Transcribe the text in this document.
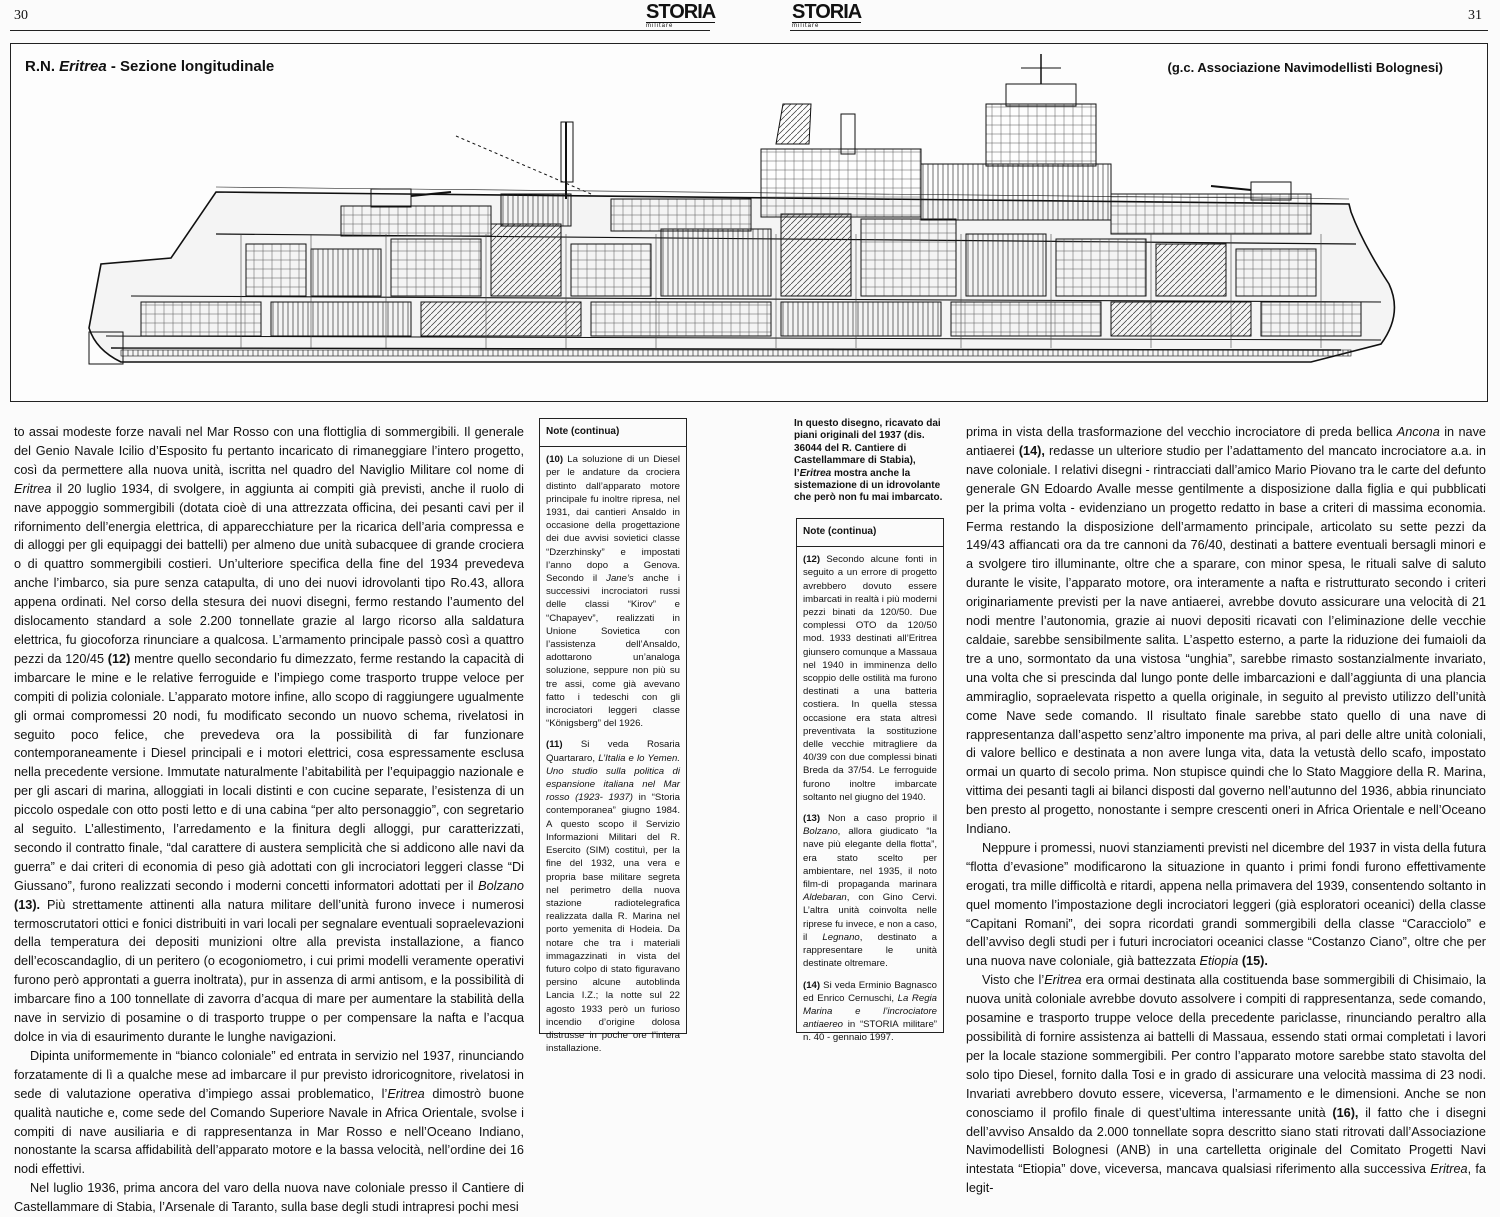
30	STORIA
militare
STORIA
militare
31
R.N. Eritrea - Sezione longitudinale	(g.c. Associazione Navimodellisti Bolognesi)

to assai modeste forze navali nel Mar Rosso con una flottiglia di sommergibili. Il generale del Genio Navale Icilio d’Esposito fu pertanto incaricato di rimaneggiare l’intero progetto, così da permettere alla nuova unità, iscritta nel quadro del Naviglio Militare col nome di Eritrea il 20 luglio 1934, di svolgere, in aggiunta ai compiti già previsti, anche il ruolo di nave appoggio sommergibili (dotata cioè di una attrezzata officina, dei pesanti cavi per il rifornimento dell’energia elettrica, di apparecchiature per la ricarica dell’aria compressa e di alloggi per gli equipaggi dei battelli) per almeno due unità subacquee di grande crociera o di quattro sommergibili costieri. Un’ulteriore specifica della fine del 1934 prevedeva anche l’imbarco, sia pure senza catapulta, di uno dei nuovi idrovolanti tipo Ro.43, allora appena ordinati. Nel corso della stesura dei nuovi disegni, fermo restando l’aumento del dislocamento standard a sole 2.200 tonnellate grazie al largo ricorso alla saldatura elettrica, fu giocoforza rinunciare a qualcosa. L’armamento principale passò così a quattro pezzi da 120/45 (12) mentre quello secondario fu dimezzato, ferme restando la capacità di imbarcare le mine e le relative ferroguide e l’impiego come trasporto truppe veloce per compiti di polizia coloniale. L’apparato motore infine, allo scopo di raggiungere ugualmente gli ormai compromessi 20 nodi, fu modificato secondo un nuovo schema, rivelatosi in seguito poco felice, che prevedeva ora la possibilità di far funzionare contemporaneamente i Diesel principali e i motori elettrici, cosa espressamente esclusa nella precedente versione. Immutate naturalmente l’abitabilità per l’equipaggio nazionale e per gli ascari di marina, alloggiati in locali distinti e con cucine separate, l’esistenza di un piccolo ospedale con otto posti letto e di una cabina “per alto personaggio”, con segretario al seguito. L’allestimento, l’arredamento e la finitura degli alloggi, pur caratterizzati, secondo il contratto finale, “dal carattere di austera semplicità che si addicono alle navi da guerra” e dai criteri di economia di peso già adottati con gli incrociatori leggeri classe “Di Giussano”, furono realizzati secondo i moderni concetti informatori adottati per il Bolzano (13). Più strettamente attinenti alla natura militare dell’unità furono invece i numerosi termoscrutatori ottici e fonici distribuiti in vari locali per segnalare eventuali sopraelevazioni della temperatura dei depositi munizioni oltre alla prevista installazione, a fianco dell’ecoscandaglio, di un peritero (o ecogoniometro, i cui primi modelli veramente operativi furono però approntati a guerra inoltrata), pur in assenza di armi antisom, e la possibilità di imbarcare fino a 100 tonnellate di zavorra d’acqua di mare per aumentare la stabilità della nave in servizio di posamine o di trasporto truppe o per compensare la nafta e l’acqua dolce in via di esaurimento durante le lunghe navigazioni.

Dipinta uniformemente in “bianco coloniale” ed entrata in servizio nel 1937, rinunciando forzatamente di lì a qualche mese ad imbarcare il pur previsto idroricognitore, rivelatosi in sede di valutazione operativa d’impiego assai problematico, l’Eritrea dimostrò buone qualità nautiche e, come sede del Comando Superiore Navale in Africa Orientale, svolse i compiti di nave ausiliaria e di rappresentanza in Mar Rosso e nell’Oceano Indiano, nonostante la scarsa affidabilità dell’apparato motore e la bassa velocità, nell’ordine dei 16 nodi effettivi.

Nel luglio 1936, prima ancora del varo della nuova nave coloniale presso il Cantiere di Castellammare di Stabia, l’Arsenale di Taranto, sulla base degli studi intrapresi pochi mesi

Note (continua)

(10) La soluzione di un Diesel per le andature da crociera distinto dall’apparato motore principale fu inoltre ripresa, nel 1931, dai cantieri Ansaldo in occasione della progettazione dei due avvisi sovietici classe “Dzerzhinsky” e impostati l’anno dopo a Genova. Secondo il Jane’s anche i successivi incrociatori russi delle classi “Kirov” e “Chapayev”, realizzati in Unione Sovietica con l’assistenza dell’Ansaldo, adottarono un’analoga soluzione, seppure non più su tre assi, come già avevano fatto i tedeschi con gli incrociatori leggeri classe “Königsberg” del 1926.

(11) Si veda Rosaria Quartararo, L’Italia e lo Yemen. Uno studio sulla politica di espansione italiana nel Mar rosso (1923- 1937) in “Storia contemporanea” giugno 1984. A questo scopo il Servizio Informazioni Militari del R. Esercito (SIM) costituì, per la fine del 1932, una vera e propria base militare segreta nel perimetro della nuova stazione radiotelegrafica realizzata dalla R. Marina nel porto yemenita di Hodeia. Da notare che tra i materiali immagazzinati in vista del futuro colpo di stato figuravano persino alcune autoblinda Lancia I.Z.; la notte sul 22 agosto 1933 però un furioso incendio d’origine dolosa distrusse in poche ore l’intera installazione.

In questo disegno, ricavato dai piani originali del 1937 (dis. 36044 del R. Cantiere di Castellammare di Stabia), l’Eritrea mostra anche la sistemazione di un idrovolante che però non fu mai imbarcato.
Note (continua)

(12) Secondo alcune fonti in seguito a un errore di progetto avrebbero dovuto essere imbarcati in realtà i più moderni pezzi binati da 120/50. Due complessi OTO da 120/50 mod. 1933 destinati all’Eritrea giunsero comunque a Massaua nel 1940 in imminenza dello scoppio delle ostilità ma furono destinati a una batteria costiera. In quella stessa occasione era stata altresì preventivata la sostituzione delle vecchie mitragliere da 40/39 con due complessi binati Breda da 37/54. Le ferroguide furono inoltre imbarcate soltanto nel giugno del 1940.

(13) Non a caso proprio il Bolzano, allora giudicato “la nave più elegante della flotta”, era stato scelto per ambientare, nel 1935, il noto film-di propaganda marinara Aldebaran, con Gino Cervi. L’altra unità coinvolta nelle riprese fu invece, e non a caso, il Legnano, destinato a rappresentare le unità destinate oltremare.

(14) Si veda Erminio Bagnasco ed Enrico Cernuschi, La Regia Marina e l’incrociatore antiaereo in “STORIA militare” n. 40 - gennaio 1997.

prima in vista della trasformazione del vecchio incrociatore di preda bellica Ancona in nave antiaerei (14), redasse un ulteriore studio per l’adattamento del mancato incrociatore a.a. in nave coloniale. I relativi disegni - rintracciati dall’amico Mario Piovano tra le carte del defunto generale GN Edoardo Avalle messe gentilmente a disposizione dalla figlia e qui pubblicati per la prima volta - evidenziano un progetto redatto in base a criteri di massima economia. Ferma restando la disposizione dell’armamento principale, articolato su sette pezzi da 149/43 affiancati ora da tre cannoni da 76/40, destinati a battere eventuali bersagli minori e a svolgere tiro illuminante, oltre che a sparare, con minor spesa, le rituali salve di saluto durante le visite, l’apparato motore, ora interamente a nafta e ristrutturato secondo i criteri originariamente previsti per la nave antiaerei, avrebbe dovuto assicurare una velocità di 21 nodi mentre l’autonomia, grazie ai nuovi depositi ricavati con l’eliminazione delle vecchie caldaie, sarebbe sensibilmente salita. L’aspetto esterno, a parte la riduzione dei fumaioli da tre a uno, sormontato da una vistosa “unghia”, sarebbe rimasto sostanzialmente invariato, una volta che si prescinda dal lungo ponte delle imbarcazioni e dall’aggiunta di una plancia ammiraglio, sopraelevata rispetto a quella originale, in seguito al previsto utilizzo dell’unità come Nave sede comando. Il risultato finale sarebbe stato quello di una nave di rappresentanza dall’aspetto senz’altro imponente ma priva, al pari delle altre unità coloniali, di valore bellico e destinata a non avere lunga vita, data la vetustà dello scafo, impostato ormai un quarto di secolo prima. Non stupisce quindi che lo Stato Maggiore della R. Marina, vittima dei pesanti tagli ai bilanci disposti dal governo nell’autunno del 1936, abbia rinunciato ben presto al progetto, nonostante i sempre crescenti oneri in Africa Orientale e nell’Oceano Indiano.

Neppure i promessi, nuovi stanziamenti previsti nel dicembre del 1937 in vista della futura “flotta d’evasione” modificarono la situazione in quanto i primi fondi furono effettivamente erogati, tra mille difficoltà e ritardi, appena nella primavera del 1939, consentendo soltanto in quel momento l’impostazione degli incrociatori leggeri (già esploratori oceanici) della classe “Capitani Romani”, dei sopra ricordati grandi sommergibili della classe “Caracciolo” e dell’avviso degli studi per i futuri incrociatori oceanici classe “Costanzo Ciano”, oltre che per una nuova nave coloniale, già battezzata Etiopia (15).

Visto che l’Eritrea era ormai destinata alla costituenda base sommergibili di Chisimaio, la nuova unità coloniale avrebbe dovuto assolvere i compiti di rappresentanza, sede comando, posamine e trasporto truppe veloce della precedente pariclasse, rinunciando peraltro alla possibilità di fornire assistenza ai battelli di Massaua, essendo stati ormai completati i lavori per la locale stazione sommergibili. Per contro l’apparato motore sarebbe stato stavolta del solo tipo Diesel, fornito dalla Tosi e in grado di assicurare una velocità massima di 23 nodi. Invariati avrebbero dovuto essere, viceversa, l’armamento e le dimensioni. Anche se non conosciamo il profilo finale di quest’ultima interessante unità (16), il fatto che i disegni dell’avviso Ansaldo da 2.000 tonnellate sopra descritto siano stati ritrovati dall’Associazione Navimodellisti Bolognesi (ANB) in una cartelletta originale del Comitato Progetti Navi intestata “Etiopia” dove, viceversa, mancava qualsiasi riferimento alla successiva Eritrea, fa legit-
